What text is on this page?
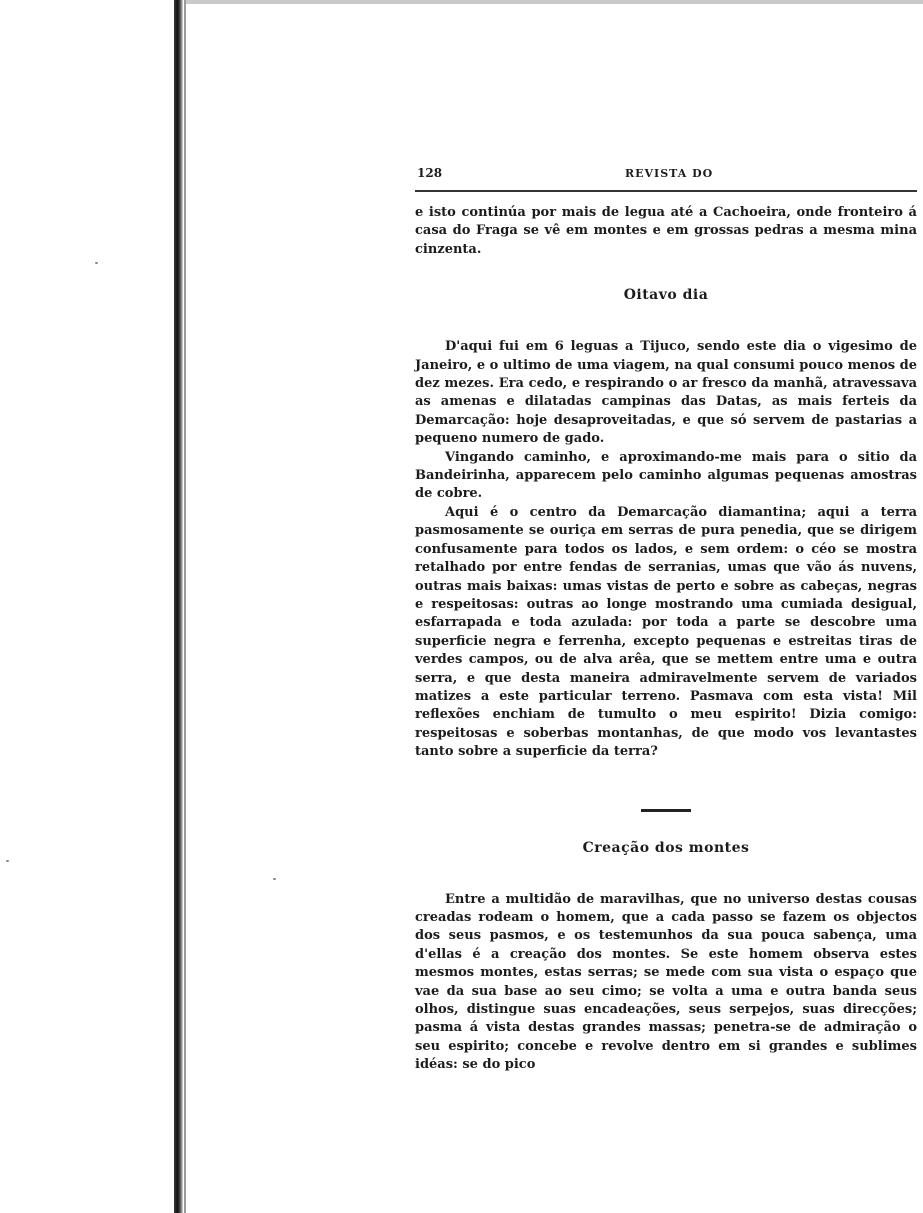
128	REVISTA DO

e isto continúa por mais de legua até a Cachoeira, onde fronteiro á casa do Fraga se vê em montes e em grossas pedras a mesma mina cinzenta.

Oitavo dia

D'aqui fui em 6 leguas a Tijuco, sendo este dia o vigesimo de Janeiro, e o ultimo de uma viagem, na qual consumi pouco menos de dez mezes. Era cedo, e respirando o ar fresco da manhã, atravessava as amenas e dilatadas campinas das Datas, as mais ferteis da Demarcação: hoje desaproveitadas, e que só servem de pastarias a pequeno numero de gado.

Vingando caminho, e aproximando-me mais para o sitio da Bandeirinha, apparecem pelo caminho algumas pequenas amostras de cobre.

Aqui é o centro da Demarcação diamantina; aqui a terra pasmosamente se ouriça em serras de pura penedia, que se dirigem confusamente para todos os lados, e sem ordem: o céo se mostra retalhado por entre fendas de serranias, umas que vão ás nuvens, outras mais baixas: umas vistas de perto e sobre as cabeças, negras e respeitosas: outras ao longe mostrando uma cumiada desigual, esfarrapada e toda azulada: por toda a parte se descobre uma superficie negra e ferrenha, excepto pequenas e estreitas tiras de verdes campos, ou de alva arêa, que se mettem entre uma e outra serra, e que desta maneira admiravelmente servem de variados matizes a este particular terreno. Pasmava com esta vista! Mil reflexões enchiam de tumulto o meu espirito! Dizia comigo: respeitosas e soberbas montanhas, de que modo vos levantastes tanto sobre a superficie da terra?

Creação dos montes

Entre a multidão de maravilhas, que no universo destas cousas creadas rodeam o homem, que a cada passo se fazem os objectos dos seus pasmos, e os testemunhos da sua pouca sabença, uma d'ellas é a creação dos montes. Se este homem observa estes mesmos montes, estas serras; se mede com sua vista o espaço que vae da sua base ao seu cimo; se volta a uma e outra banda seus olhos, distingue suas encadeações, seus serpejos, suas direcções; pasma á vista destas grandes massas; penetra-se de admiração o seu espirito; concebe e revolve dentro em si grandes e sublimes idéas: se do pico
